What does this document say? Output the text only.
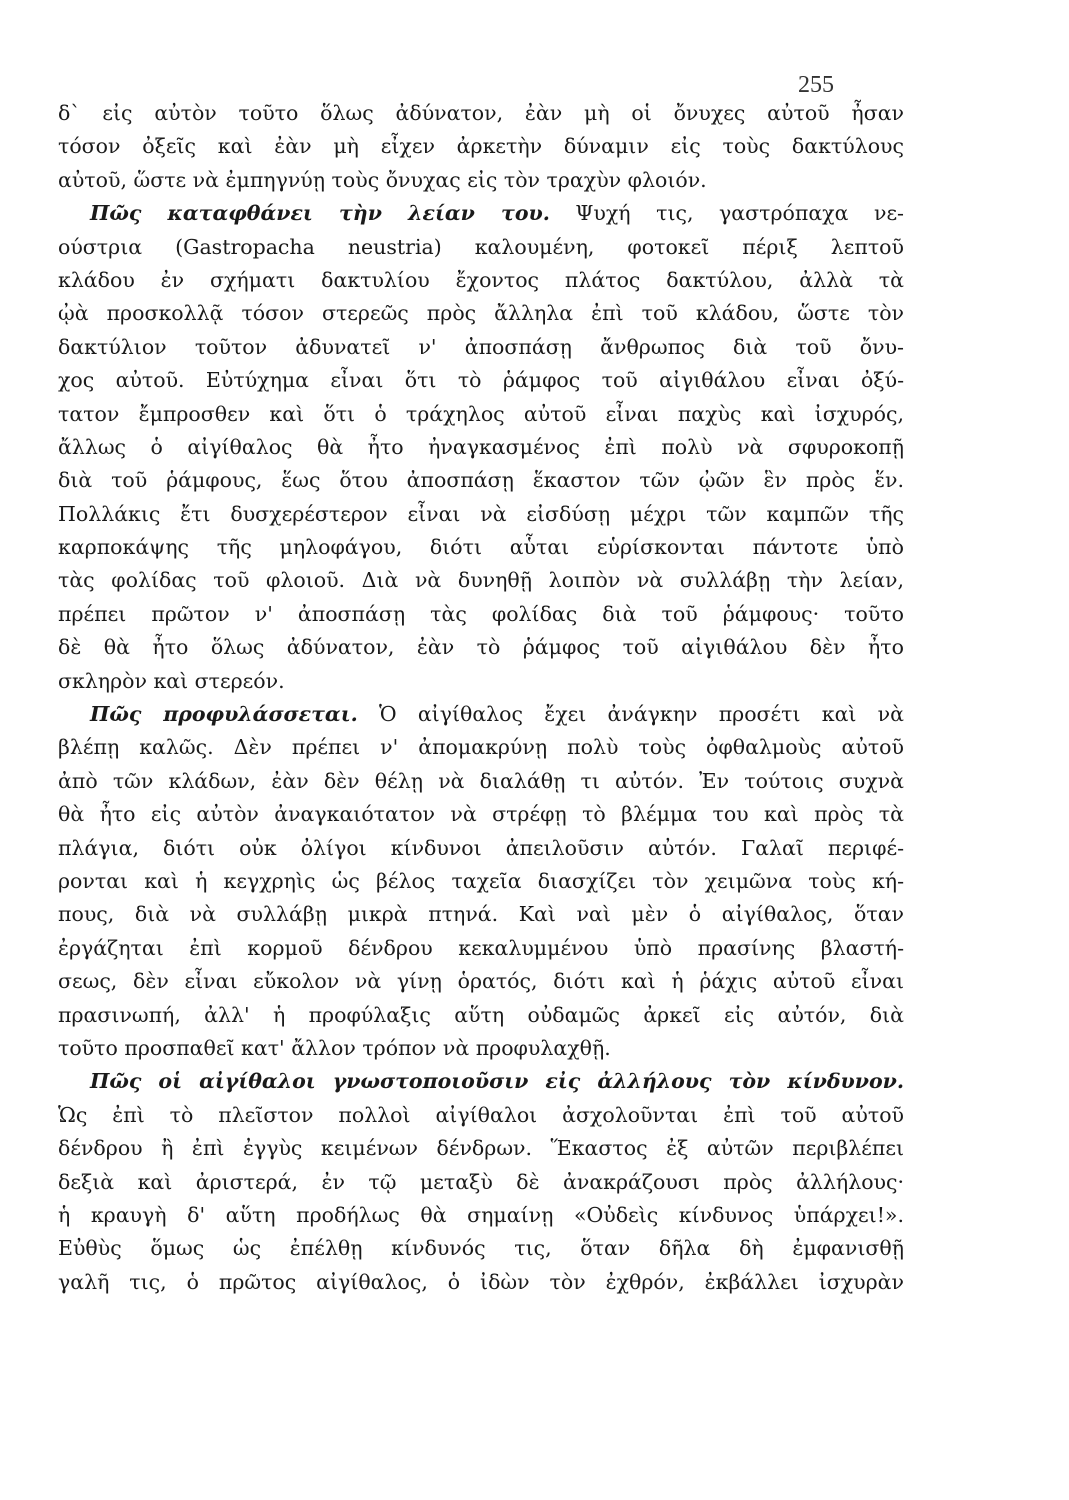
255
δ` εἰς αὐτὸν τοῦτο ὅλως ἀδύνατον, ἐὰν μὴ οἱ ὄνυχες αὐτοῦ ἦσαν
τόσον ὀξεῖς καὶ ἐὰν μὴ εἶχεν ἀρκετὴν δύναμιν εἰς τοὺς δακτύλους
αὐτοῦ, ὥστε νὰ ἐμπηγνύῃ τοὺς ὄνυχας εἰς τὸν τραχὺν φλοιόν.
Πῶς καταφθάνει τὴν λείαν του. Ψυχή τις, γαστρόπαχα νε-
ούστρια (Gastropacha neustria) καλουμένη, φοτοκεῖ πέριξ λεπτοῦ
κλάδου ἐν σχήματι δακτυλίου ἔχοντος πλάτος δακτύλου, ἀλλὰ τὰ
ᾠὰ προσκολλᾷ τόσον στερεῶς πρὸς ἄλληλα ἐπὶ τοῦ κλάδου, ὥστε τὸν
δακτύλιον τοῦτον ἀδυνατεῖ ν' ἀποσπάσῃ ἄνθρωπος διὰ τοῦ ὄνυ-
χος αὐτοῦ. Εὐτύχημα εἶναι ὅτι τὸ ῥάμφος τοῦ αἰγιθάλου εἶναι ὀξύ-
τατον ἔμπροσθεν καὶ ὅτι ὁ τράχηλος αὐτοῦ εἶναι παχὺς καὶ ἰσχυρός,
ἄλλως ὁ αἰγίθαλος θὰ ἦτο ἠναγκασμένος ἐπὶ πολὺ νὰ σφυροκοπῇ
διὰ τοῦ ῥάμφους, ἕως ὅτου ἀποσπάσῃ ἕκαστον τῶν ᾠῶν ἓν πρὸς ἕν.
Πολλάκις ἔτι δυσχερέστερον εἶναι νὰ εἰσδύσῃ μέχρι τῶν καμπῶν τῆς
καρποκάψης τῆς μηλοφάγου, διότι αὗται εὑρίσκονται πάντοτε ὑπὸ
τὰς φολίδας τοῦ φλοιοῦ. Διὰ νὰ δυνηθῇ λοιπὸν νὰ συλλάβῃ τὴν λείαν,
πρέπει πρῶτον ν' ἀποσπάσῃ τὰς φολίδας διὰ τοῦ ῥάμφους· τοῦτο
δὲ θὰ ἦτο ὅλως ἀδύνατον, ἐὰν τὸ ῥάμφος τοῦ αἰγιθάλου δὲν ἦτο
σκληρὸν καὶ στερεόν.
Πῶς προφυλάσσεται. Ὁ αἰγίθαλος ἔχει ἀνάγκην προσέτι καὶ νὰ
βλέπῃ καλῶς. Δὲν πρέπει ν' ἀπομακρύνῃ πολὺ τοὺς ὀφθαλμοὺς αὐτοῦ
ἀπὸ τῶν κλάδων, ἐὰν δὲν θέλῃ νὰ διαλάθῃ τι αὐτόν. Ἐν τούτοις συχνὰ
θὰ ἦτο εἰς αὐτὸν ἀναγκαιότατον νὰ στρέφῃ τὸ βλέμμα του καὶ πρὸς τὰ
πλάγια, διότι οὐκ ὀλίγοι κίνδυνοι ἀπειλοῦσιν αὐτόν. Γαλαῖ περιφέ-
ρονται καὶ ἡ κεγχρηὶς ὡς βέλος ταχεῖα διασχίζει τὸν χειμῶνα τοὺς κή-
πους, διὰ νὰ συλλάβῃ μικρὰ πτηνά. Καὶ ναὶ μὲν ὁ αἰγίθαλος, ὅταν
ἐργάζηται ἐπὶ κορμοῦ δένδρου κεκαλυμμένου ὑπὸ πρασίνης βλαστή-
σεως, δὲν εἶναι εὔκολον νὰ γίνῃ ὁρατός, διότι καὶ ἡ ῥάχις αὐτοῦ εἶναι
πρασινωπή, ἀλλ' ἡ προφύλαξις αὕτη οὐδαμῶς ἀρκεῖ εἰς αὐτόν, διὰ
τοῦτο προσπαθεῖ κατ' ἄλλον τρόπον νὰ προφυλαχθῇ.
Πῶς οἱ αἰγίθαλοι γνωστοποιοῦσιν εἰς ἀλλήλους τὸν κίνδυνον.
Ὡς ἐπὶ τὸ πλεῖστον πολλοὶ αἰγίθαλοι ἀσχολοῦνται ἐπὶ τοῦ αὐτοῦ
δένδρου ἢ ἐπὶ ἐγγὺς κειμένων δένδρων. Ἕκαστος ἐξ αὐτῶν περιβλέπει
δεξιὰ καὶ ἀριστερά, ἐν τῷ μεταξὺ δὲ ἀνακράζουσι πρὸς ἀλλήλους·
ἡ κραυγὴ δ' αὕτη προδήλως θὰ σημαίνῃ «Οὐδεὶς κίνδυνος ὑπάρχει!».
Εὐθὺς ὅμως ὡς ἐπέλθῃ κίνδυνός τις, ὅταν δῆλα δὴ ἐμφανισθῇ
γαλῆ τις, ὁ πρῶτος αἰγίθαλος, ὁ ἰδὼν τὸν ἐχθρόν, ἐκβάλλει ἰσχυρὰν
